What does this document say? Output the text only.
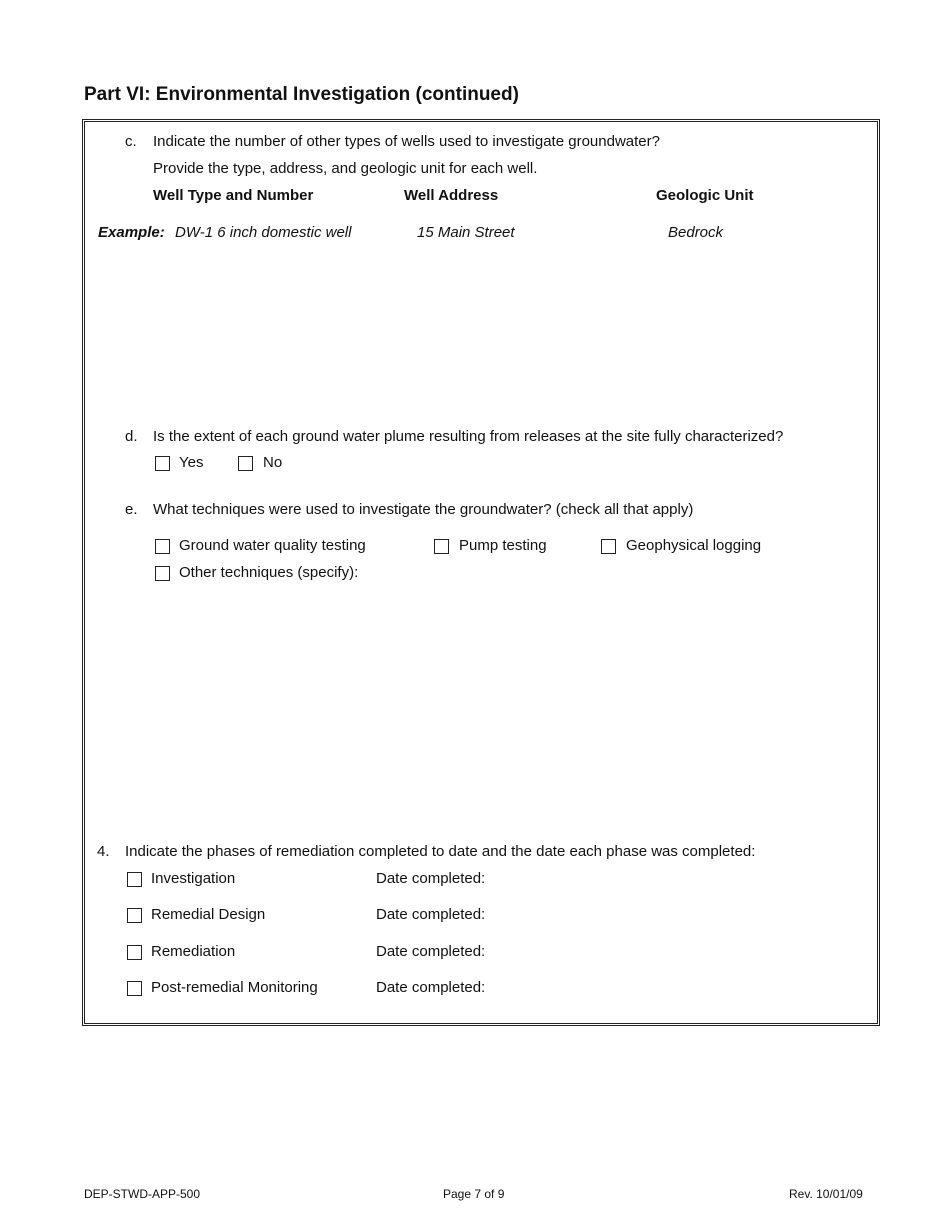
Part VI: Environmental Investigation (continued)
c. Indicate the number of other types of wells used to investigate groundwater?
Provide the type, address, and geologic unit for each well.
Well Type and Number	Well Address	Geologic Unit
Example: DW-1 6 inch domestic well	15 Main Street	Bedrock
d. Is the extent of each ground water plume resulting from releases at the site fully characterized?
Yes	No
e. What techniques were used to investigate the groundwater? (check all that apply)
Ground water quality testing	Pump testing	Geophysical logging
Other techniques (specify):
4. Indicate the phases of remediation completed to date and the date each phase was completed:
Investigation	Date completed:
Remedial Design	Date completed:
Remediation	Date completed:
Post-remedial Monitoring	Date completed:
DEP-STWD-APP-500	Page 7 of 9	Rev. 10/01/09
